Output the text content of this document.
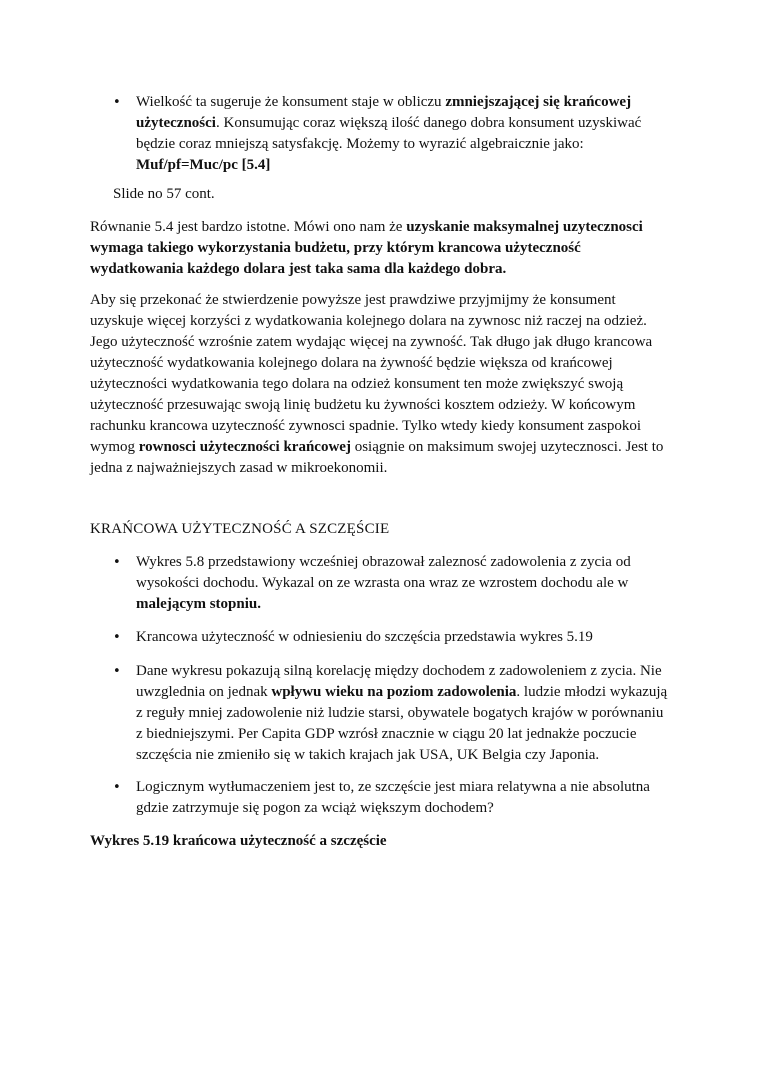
• Wielkość ta sugeruje że konsument staje w obliczu zmniejszającej się krańcowej użyteczności. Konsumując coraz większą ilość danego dobra konsument uzyskiwać będzie coraz mniejszą satysfakcję. Możemy to wyrazić algebraicznie jako: Muf/pf=Muc/pc [5.4]

Slide no 57 cont.

Równanie 5.4 jest bardzo istotne. Mówi ono nam że uzyskanie maksymalnej uzytecznosci wymaga takiego wykorzystania budżetu, przy którym krancowa użyteczność wydatkowania każdego dolara jest taka sama dla każdego dobra.

Aby się przekonać że stwierdzenie powyższe jest prawdziwe przyjmijmy że konsument uzyskuje więcej korzyści z wydatkowania kolejnego dolara na zywnosc niż raczej na odzież. Jego użyteczność wzrośnie zatem wydając więcej na zywność. Tak długo jak długo krancowa użyteczność wydatkowania kolejnego dolara na żywność będzie większa od krańcowej użyteczności wydatkowania tego dolara na odzież konsument ten może zwiększyć swoją użyteczność przesuwając swoją linię budżetu ku żywności kosztem odzieży. W końcowym rachunku krancowa uzyteczność zywnosci spadnie. Tylko wtedy kiedy konsument zaspokoi wymog rownosci użyteczności krańcowej osiągnie on maksimum swojej uzytecznosci. Jest to jedna z najważniejszych zasad w mikroekonomii.

KRAŃCOWA UŻYTECZNOŚĆ A SZCZĘŚCIE

• Wykres 5.8 przedstawiony wcześniej obrazował zaleznosć zadowolenia z zycia od wysokości dochodu. Wykazal on ze wzrasta ona wraz ze wzrostem dochodu ale w malejącym stopniu.
• Krancowa użyteczność w odniesieniu do szczęścia przedstawia wykres 5.19
• Dane wykresu pokazują silną korelację między dochodem z zadowoleniem z zycia. Nie uwzglednia on jednak wpływu wieku na poziom zadowolenia. ludzie młodzi wykazują z reguły mniej zadowolenie niż ludzie starsi, obywatele bogatych krajów w porównaniu z biedniejszymi. Per Capita GDP wzrósł znacznie w ciągu 20 lat jednakże poczucie szczęścia nie zmieniło się w takich krajach jak USA, UK Belgia czy Japonia.
• Logicznym wytłumaczeniem jest to, ze szczęście jest miara relatywna a nie absolutna gdzie zatrzymuje się pogon za wciąż większym dochodem?

Wykres 5.19 krańcowa użyteczność a szczęście
